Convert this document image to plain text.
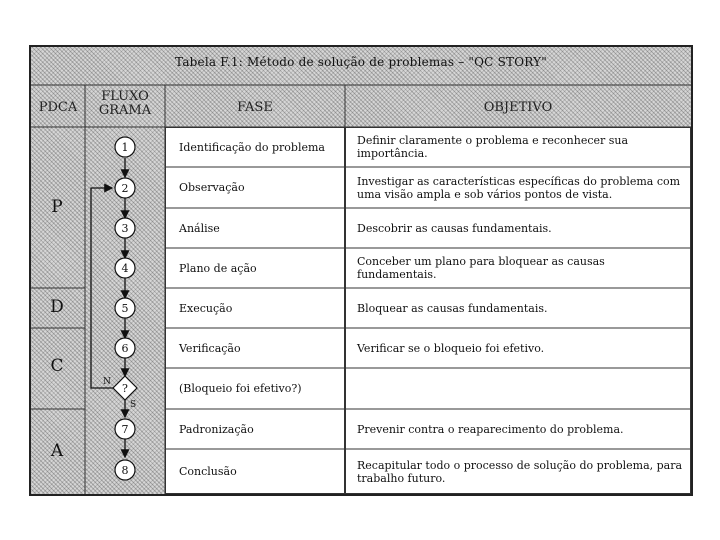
Tabela F.1: Método de solução de problemas – "QC STORY"
PDCA
FLUXO
GRAMA	FASE	OBJETIVO
1
2
3
4
5
6
?
7
8
N
S
P
D
C
A
Identificação do problema
Observação
Análise
Plano de ação
Execução
Verificação
(Bloqueio foi efetivo?)
Padronização
Conclusão
Definir claramente o problema e reconhecer sua importância.
Investigar as características específicas do problema com
uma visão ampla e sob vários pontos de vista.
Descobrir as causas fundamentais.
Conceber um plano para bloquear as causas fundamentais.
Bloquear as causas fundamentais.
Verificar se o bloqueio foi efetivo.
Prevenir contra o reaparecimento do problema.
Recapitular todo o processo de solução do problema, para
trabalho futuro.
